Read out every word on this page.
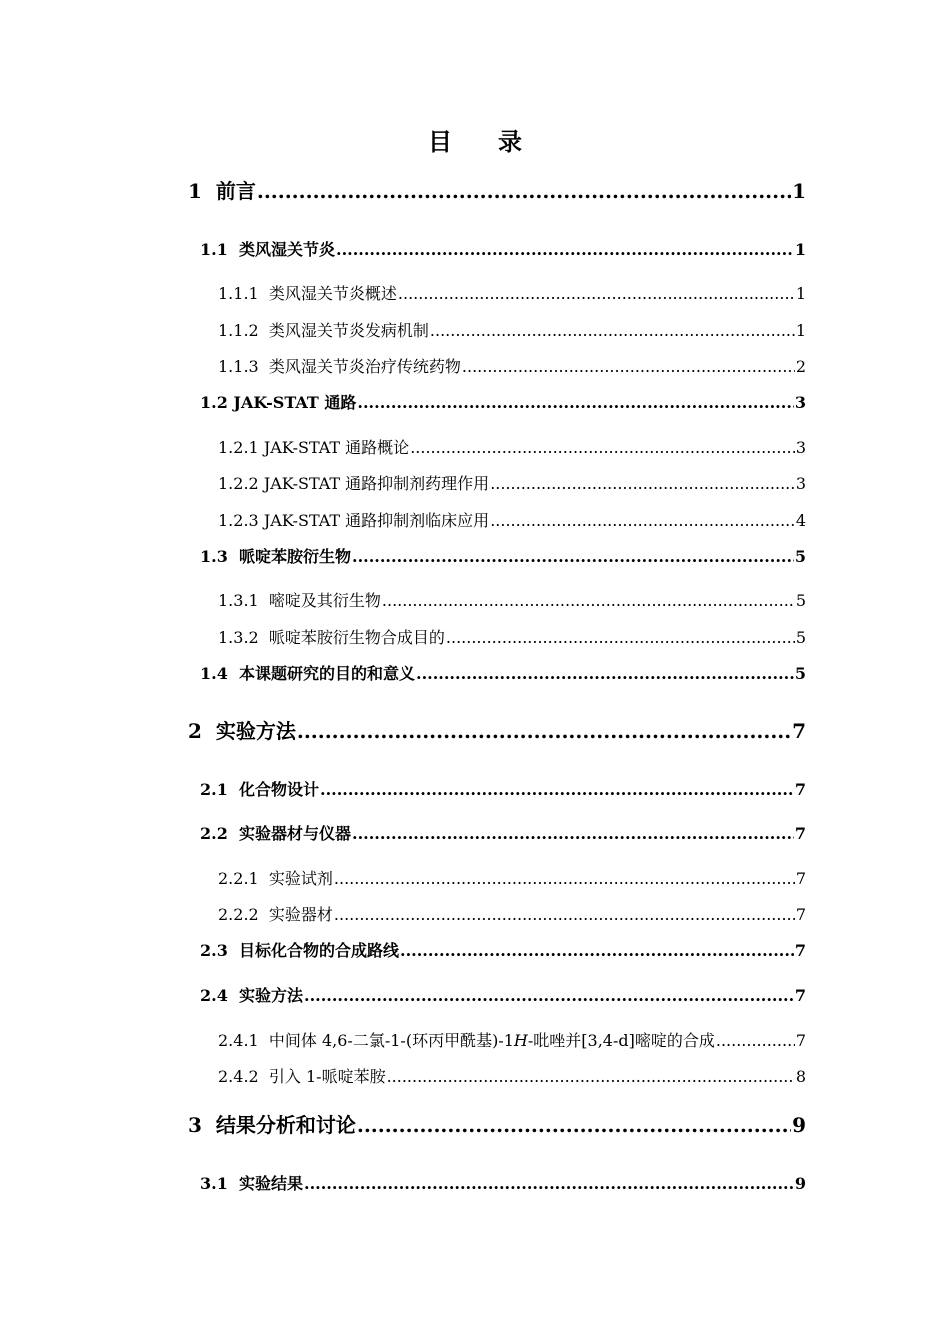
目 录
1 前言 .....	1
1.1 类风湿关节炎 .....	1
1.1.1 类风湿关节炎概述 .....	1
1.1.2 类风湿关节炎发病机制 .....	1
1.1.3 类风湿关节炎治疗传统药物 .....	2
1.2 JAK-STAT 通路 .....	3
1.2.1 JAK-STAT 通路概论 .....	3
1.2.2 JAK-STAT 通路抑制剂药理作用 .....	3
1.2.3 JAK-STAT 通路抑制剂临床应用 .....	4
1.3 哌啶苯胺衍生物 .....	5
1.3.1 嘧啶及其衍生物 .....	5
1.3.2 哌啶苯胺衍生物合成目的 .....	5
1.4 本课题研究的目的和意义 .....	5
2 实验方法 .....	7
2.1 化合物设计 .....	7
2.2 实验器材与仪器 .....	7
2.2.1 实验试剂 .....	7
2.2.2 实验器材 .....	7
2.3 目标化合物的合成路线 .....	7
2.4 实验方法 .....	7
2.4.1 中间体 4,6-二氯-1-(环丙甲酰基)-1H-吡唑并[3,4-d]嘧啶的合成 .....	7
2.4.2 引入 1-哌啶苯胺 .....	8
3 结果分析和讨论 .....	9
3.1 实验结果 .....	9
